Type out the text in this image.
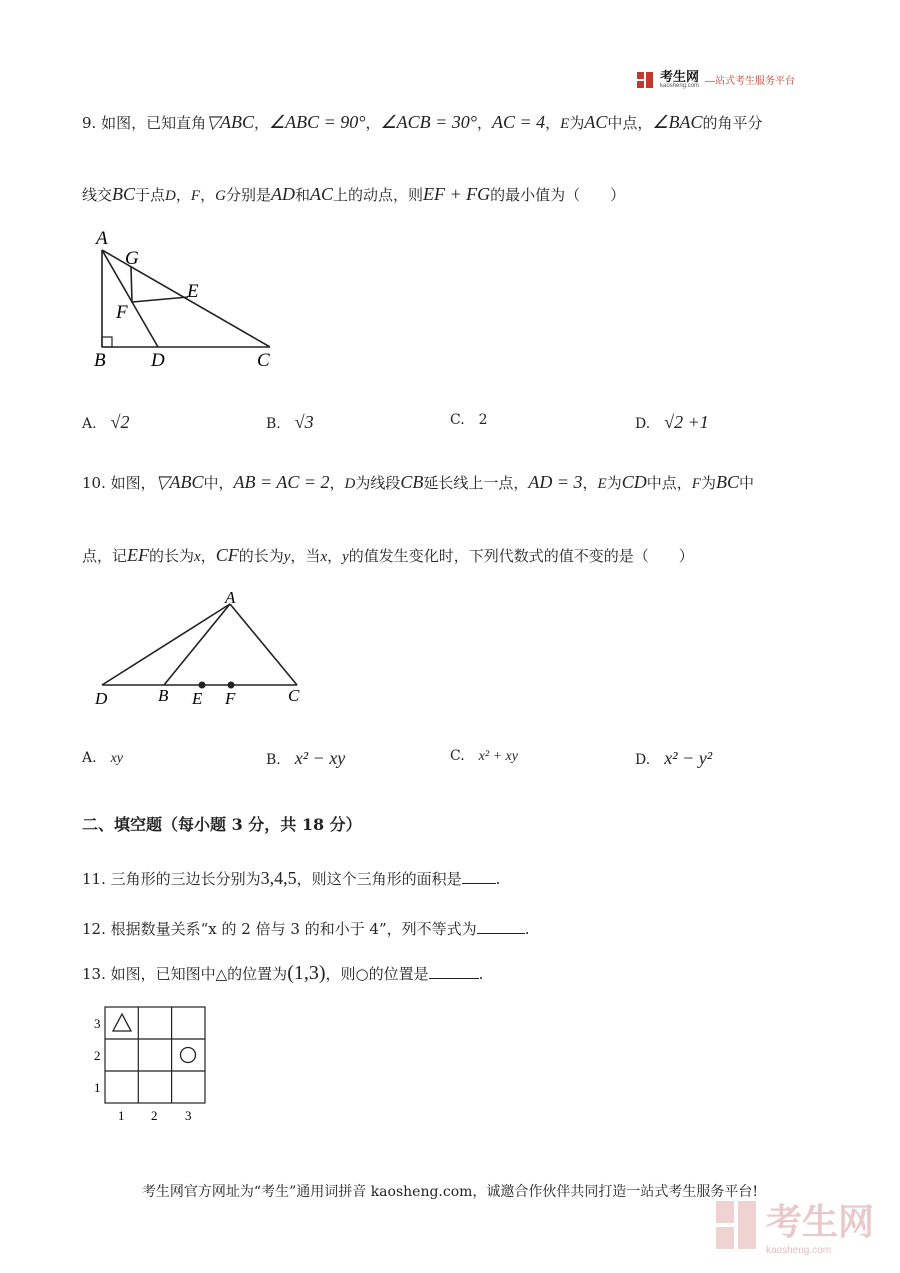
考生网
kaosheng.com —站式考生服务平台
9. 如图，已知直角▽ABC，∠ABC = 90°，∠ACB = 30°，AC = 4，E为AC中点，∠BAC的角平分
线交BC于点D，F，G分别是AD和AC上的动点，则EF + FG的最小值为（　　）
A
G
E
F
B D	C
A. √2	B. √3	C. 2	D. √2 +1
10. 如图，▽ABC中，AB = AC = 2，D为线段CB延长线上一点，AD = 3，E为CD中点，F为BC中
点，记EF的长为x，CF的长为y，当x，y的值发生变化时，下列代数式的值不变的是（　　）
A
D	B E F	C
A. xy	B. x² − xy	C. x² + xy	D. x² − y²
二、填空题（每小题 3 分，共 18 分）
11. 三角形的三边长分别为3,4,5，则这个三角形的面积是 .
12. 根据数量关系“x 的 2 倍与 3 的和小于 4”，列不等式为	.
13. 如图，已知图中△的位置为(1,3)，则○的位置是	.
3
2
1
1 2 3
考生网官方网址为“考生”通用词拼音 kaosheng.com，诚邀合作伙伴共同打造一站式考生服务平台!
考生网
kaosheng.com
